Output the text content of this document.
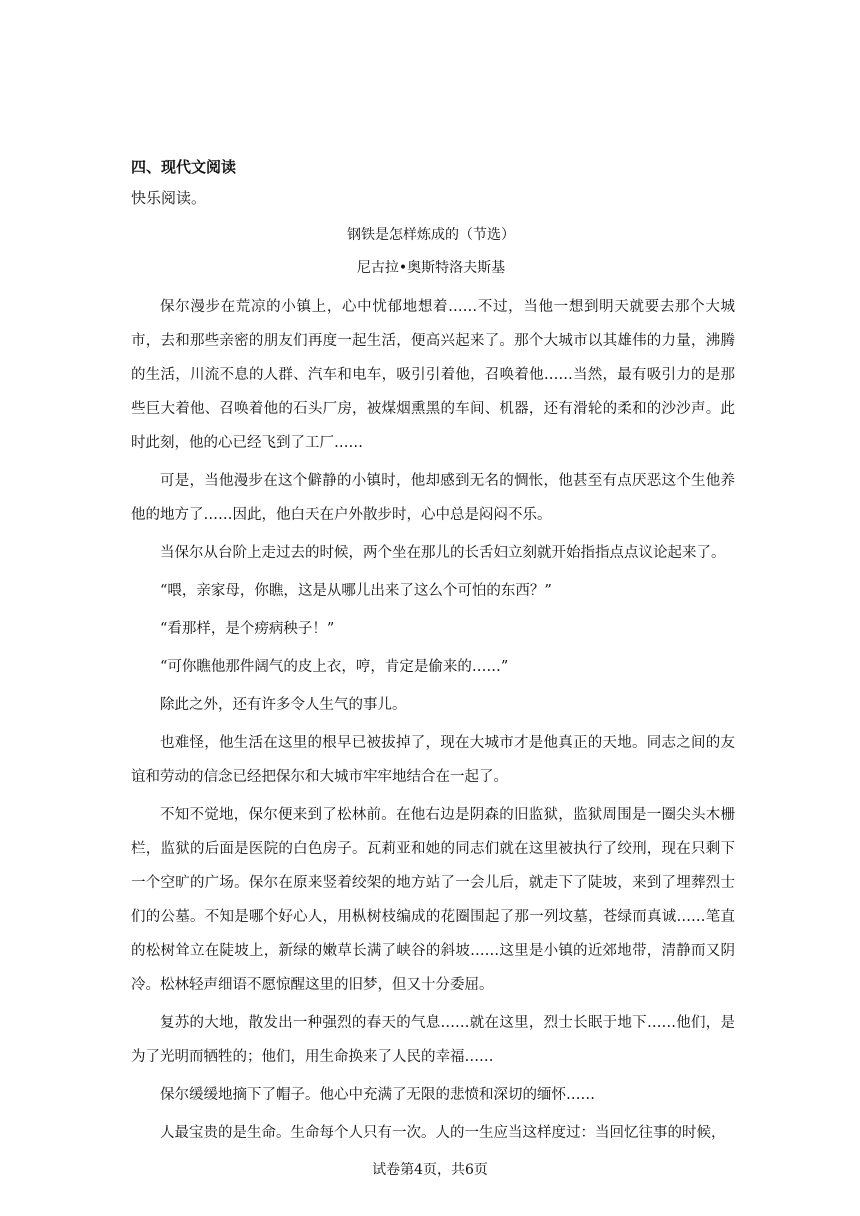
四、现代文阅读

快乐阅读。

钢铁是怎样炼成的（节选）

尼古拉•奥斯特洛夫斯基

保尔漫步在荒凉的小镇上，心中忧郁地想着……不过，当他一想到明天就要去那个大城市，去和那些亲密的朋友们再度一起生活，便高兴起来了。那个大城市以其雄伟的力量，沸腾的生活，川流不息的人群、汽车和电车，吸引引着他，召唤着他……当然，最有吸引力的是那些巨大着他、召唤着他的石头厂房，被煤烟熏黑的车间、机器，还有滑轮的柔和的沙沙声。此时此刻，他的心已经飞到了工厂……

可是，当他漫步在这个僻静的小镇时，他却感到无名的惆怅，他甚至有点厌恶这个生他养他的地方了……因此，他白天在户外散步时，心中总是闷闷不乐。

当保尔从台阶上走过去的时候，两个坐在那儿的长舌妇立刻就开始指指点点议论起来了。

“喂，亲家母，你瞧，这是从哪儿出来了这么个可怕的东西？”

“看那样，是个痨病秧子！”

“可你瞧他那件阔气的皮上衣，哼，肯定是偷来的……”

除此之外，还有许多令人生气的事儿。

也难怪，他生活在这里的根早已被拔掉了，现在大城市才是他真正的天地。同志之间的友谊和劳动的信念已经把保尔和大城市牢牢地结合在一起了。

不知不觉地，保尔便来到了松林前。在他右边是阴森的旧监狱，监狱周围是一圈尖头木栅栏，监狱的后面是医院的白色房子。瓦莉亚和她的同志们就在这里被执行了绞刑，现在只剩下一个空旷的广场。保尔在原来竖着绞架的地方站了一会儿后，就走下了陡坡，来到了埋葬烈士们的公墓。不知是哪个好心人，用枞树枝编成的花圈围起了那一列坟墓，苍绿而真诚……笔直的松树耸立在陡坡上，新绿的嫩草长满了峡谷的斜坡……这里是小镇的近郊地带，清静而又阴冷。松林轻声细语不愿惊醒这里的旧梦，但又十分委屈。

复苏的大地，散发出一种强烈的春天的气息……就在这里，烈士长眠于地下……他们，是为了光明而牺牲的；他们，用生命换来了人民的幸福……

保尔缓缓地摘下了帽子。他心中充满了无限的悲愤和深切的缅怀……

人最宝贵的是生命。生命每个人只有一次。人的一生应当这样度过：当回忆往事的时候，

试卷第4页，共6页
